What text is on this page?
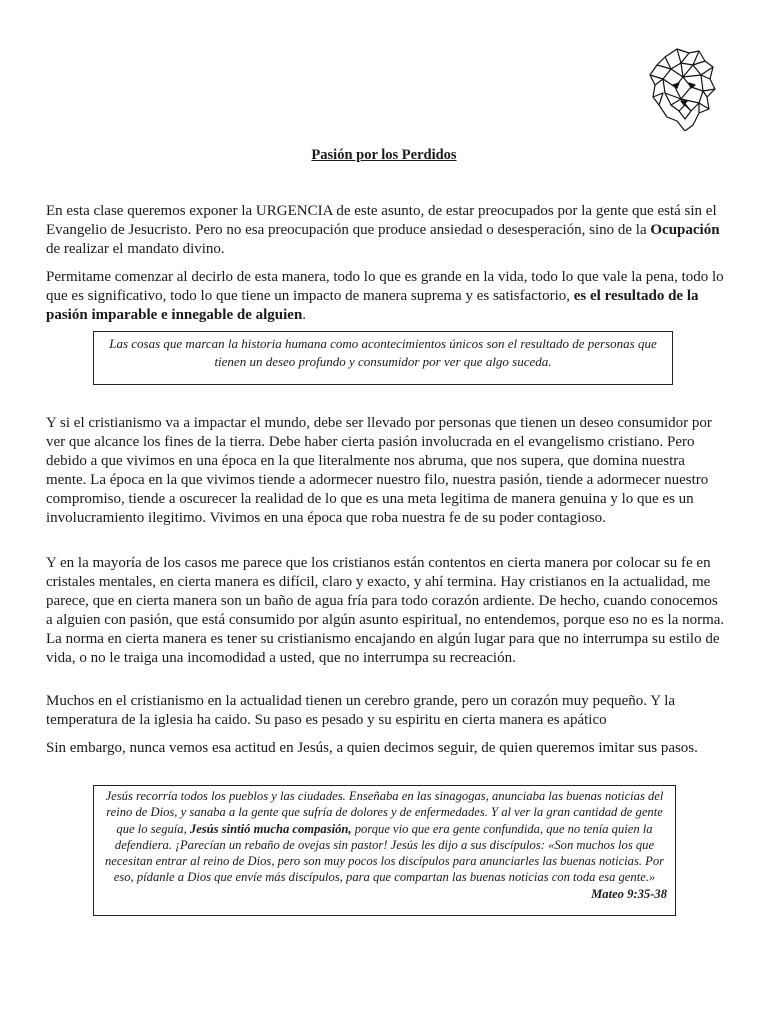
Pasión por los Perdidos

En esta clase queremos exponer la URGENCIA de este asunto, de estar preocupados por la gente que está sin el Evangelio de Jesucristo. Pero no esa preocupación que produce ansiedad o desesperación, sino de la Ocupación de realizar el mandato divino.

Permitame comenzar al decirlo de esta manera, todo lo que es grande en la vida, todo lo que vale la pena, todo lo que es significativo, todo lo que tiene un impacto de manera suprema y es satisfactorio, es el resultado de la pasión imparable e innegable de alguien.

Las cosas que marcan la historia humana como acontecimientos únicos son el resultado de personas que tienen un deseo profundo y consumidor por ver que algo suceda.

Y si el cristianismo va a impactar el mundo, debe ser llevado por personas que tienen un deseo consumidor por ver que alcance los fines de la tierra. Debe haber cierta pasión involucrada en el evangelismo cristiano. Pero debido a que vivimos en una época en la que literalmente nos abruma, que nos supera, que domina nuestra mente. La época en la que vivimos tiende a adormecer nuestro filo, nuestra pasión, tiende a adormecer nuestro compromiso, tiende a oscurecer la realidad de lo que es una meta legitima de manera genuina y lo que es un involucramiento ilegitimo. Vivimos en una época que roba nuestra fe de su poder contagioso.

Y en la mayoría de los casos me parece que los cristianos están contentos en cierta manera por colocar su fe en cristales mentales, en cierta manera es difícil, claro y exacto, y ahí termina. Hay cristianos en la actualidad, me parece, que en cierta manera son un baño de agua fría para todo corazón ardiente. De hecho, cuando conocemos a alguien con pasión, que está consumido por algún asunto espiritual, no entendemos, porque eso no es la norma. La norma en cierta manera es tener su cristianismo encajando en algún lugar para que no interrumpa su estilo de vida, o no le traiga una incomodidad a usted, que no interrumpa su recreación.

Muchos en el cristianismo en la actualidad tienen un cerebro grande, pero un corazón muy pequeño. Y la temperatura de la iglesia ha caido. Su paso es pesado y su espiritu en cierta manera es apático

Sin embargo, nunca vemos esa actitud en Jesús, a quien decimos seguir, de quien queremos imitar sus pasos.

Jesús recorría todos los pueblos y las ciudades. Enseñaba en las sinagogas, anunciaba las buenas noticias del reino de Dios, y sanaba a la gente que sufría de dolores y de enfermedades. Y al ver la gran cantidad de gente que lo seguía, Jesús sintió mucha compasión, porque vio que era gente confundida, que no tenía quien la defendiera. ¡Parecían un rebaño de ovejas sin pastor! Jesús les dijo a sus discípulos: «Son muchos los que necesitan entrar al reino de Dios, pero son muy pocos los discípulos para anunciarles las buenas noticias. Por eso, pídanle a Dios que envíe más discípulos, para que compartan las buenas noticias con toda esa gente.»
Mateo 9:35-38
